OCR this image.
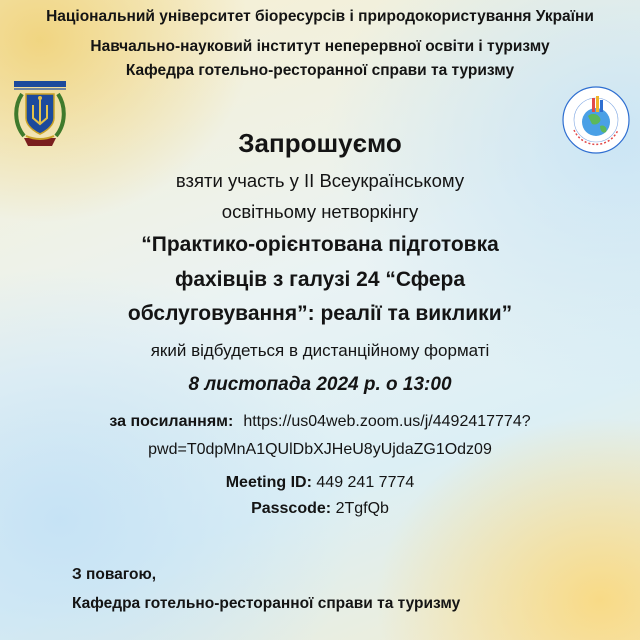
Національний університет біоресурсів і природокористування України
Навчально-науковий інститут неперервної освіти і туризму
Кафедра готельно-ресторанної справи та туризму
Запрошуємо
взяти участь у ІІ Всеукраїнському
освітньому нетворкінгу
“Практико-орієнтована підготовка
фахівців з галузі 24 “Сфера
обслуговування”: реалії та виклики”
який відбудеться в дистанційному форматі
8 листопада 2024 р. о 13:00
за посиланням: https://us04web.zoom.us/j/4492417774?
pwd=T0dpMnA1QUlDbXJHeU8yUjdaZG1Odz09
Meeting ID: 449 241 7774
Passcode: 2TgfQb
З повагою,
Кафедра готельно-ресторанної справи та туризму
